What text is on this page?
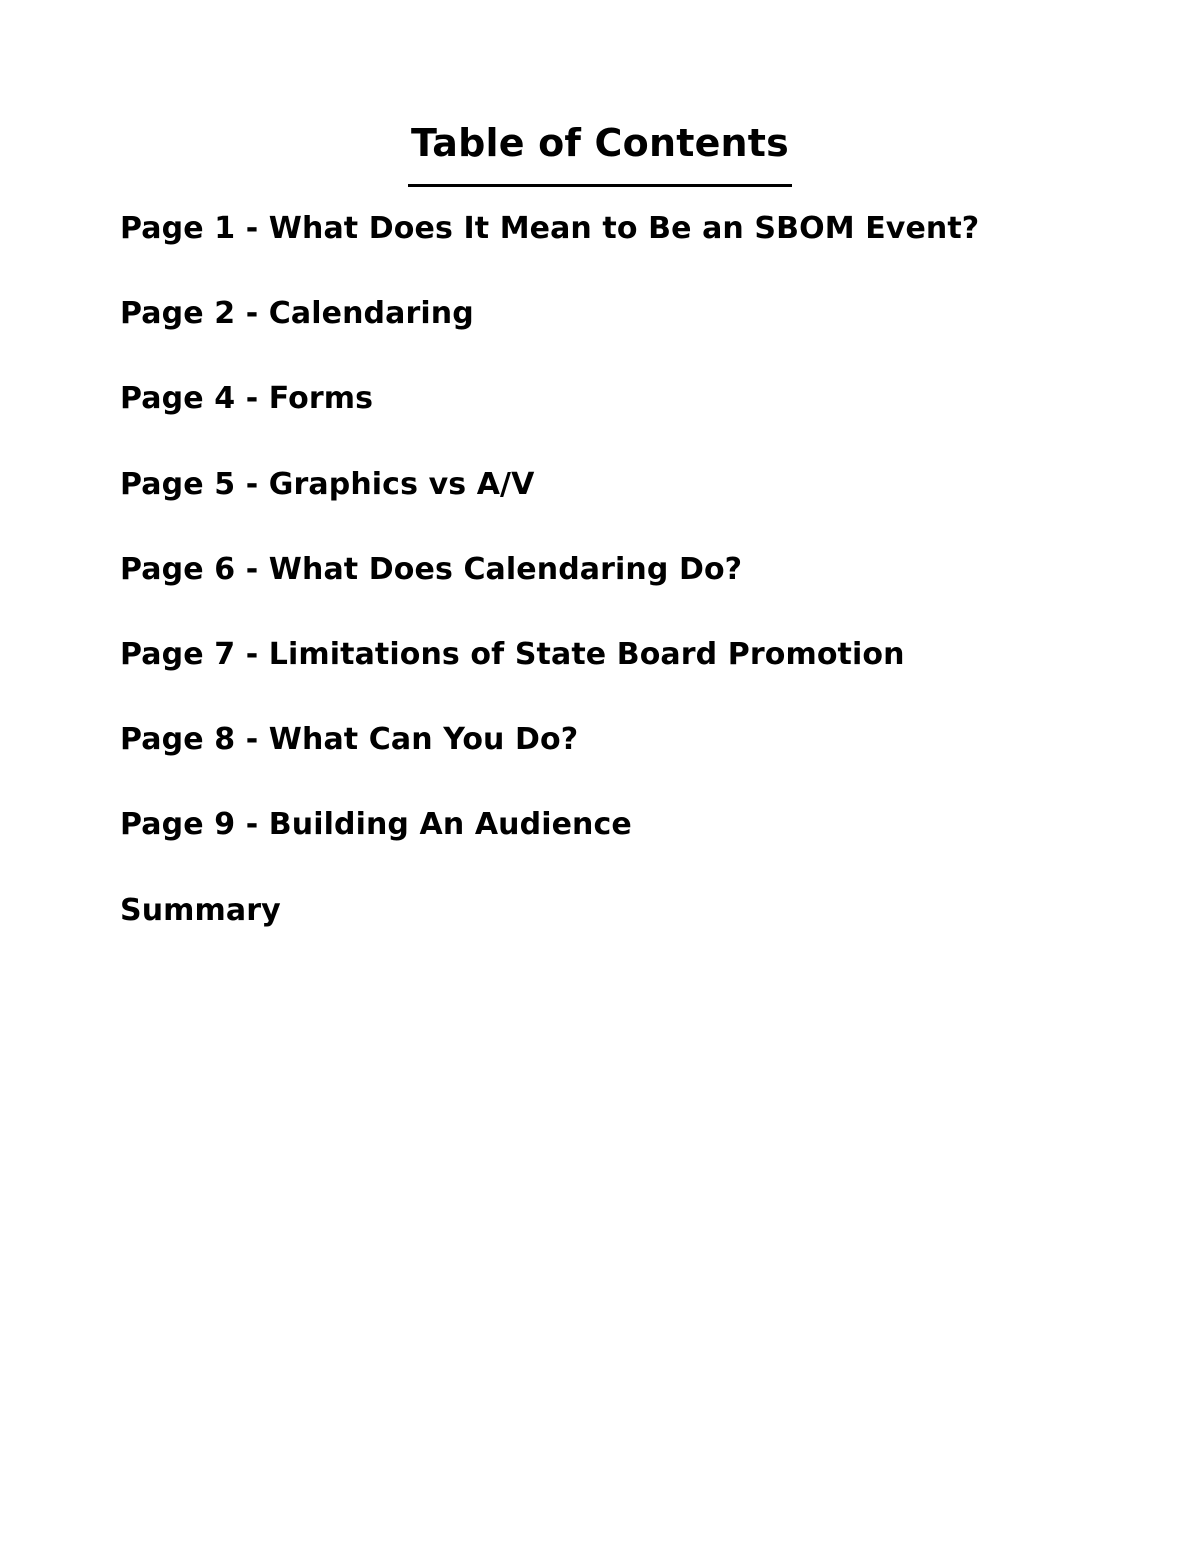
Table of Contents
Page 1 - What Does It Mean to Be an SBOM Event?
Page 2 - Calendaring
Page 4 - Forms
Page 5 - Graphics vs A/V
Page 6 - What Does Calendaring Do?
Page 7 - Limitations of State Board Promotion
Page 8 - What Can You Do?
Page 9 - Building An Audience
Summary
